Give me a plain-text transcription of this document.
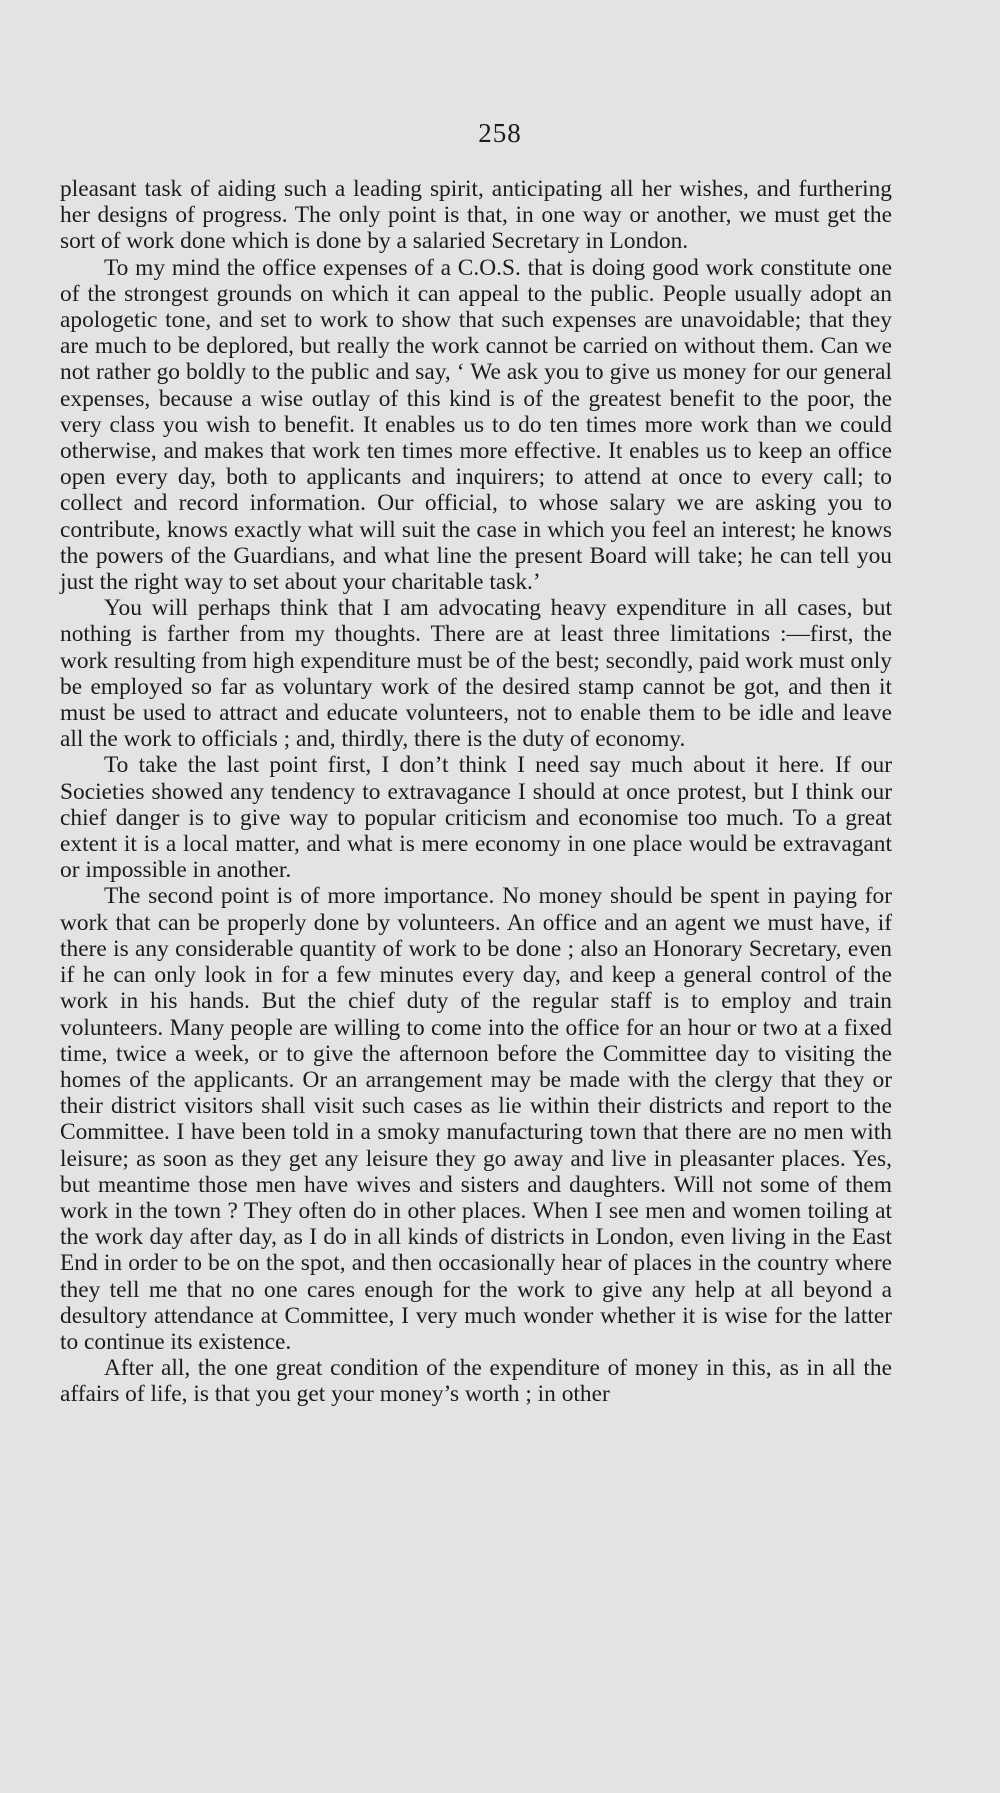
258

pleasant task of aiding such a leading spirit, anticipating all her wishes, and furthering her designs of progress. The only point is that, in one way or another, we must get the sort of work done which is done by a salaried Secretary in London.

To my mind the office expenses of a C.O.S. that is doing good work constitute one of the strongest grounds on which it can appeal to the public. People usually adopt an apologetic tone, and set to work to show that such expenses are unavoidable; that they are much to be deplored, but really the work cannot be carried on without them. Can we not rather go boldly to the public and say, ‘ We ask you to give us money for our general expenses, because a wise outlay of this kind is of the greatest benefit to the poor, the very class you wish to benefit. It enables us to do ten times more work than we could otherwise, and makes that work ten times more effective. It enables us to keep an office open every day, both to applicants and inquirers; to attend at once to every call; to collect and record information. Our official, to whose salary we are asking you to contribute, knows exactly what will suit the case in which you feel an interest; he knows the powers of the Guardians, and what line the present Board will take; he can tell you just the right way to set about your charitable task.’

You will perhaps think that I am advocating heavy expenditure in all cases, but nothing is farther from my thoughts. There are at least three limitations :—first, the work resulting from high expenditure must be of the best; secondly, paid work must only be employed so far as voluntary work of the desired stamp cannot be got, and then it must be used to attract and educate volunteers, not to enable them to be idle and leave all the work to officials ; and, thirdly, there is the duty of economy.

To take the last point first, I don’t think I need say much about it here. If our Societies showed any tendency to extravagance I should at once protest, but I think our chief danger is to give way to popular criticism and economise too much. To a great extent it is a local matter, and what is mere economy in one place would be extravagant or impossible in another.

The second point is of more importance. No money should be spent in paying for work that can be properly done by volunteers. An office and an agent we must have, if there is any considerable quantity of work to be done ; also an Honorary Secretary, even if he can only look in for a few minutes every day, and keep a general control of the work in his hands. But the chief duty of the regular staff is to employ and train volunteers. Many people are willing to come into the office for an hour or two at a fixed time, twice a week, or to give the afternoon before the Committee day to visiting the homes of the applicants. Or an arrangement may be made with the clergy that they or their district visitors shall visit such cases as lie within their districts and report to the Committee. I have been told in a smoky manufacturing town that there are no men with leisure; as soon as they get any leisure they go away and live in pleasanter places. Yes, but meantime those men have wives and sisters and daughters. Will not some of them work in the town ? They often do in other places. When I see men and women toiling at the work day after day, as I do in all kinds of districts in London, even living in the East End in order to be on the spot, and then occasionally hear of places in the country where they tell me that no one cares enough for the work to give any help at all beyond a desultory attendance at Committee, I very much wonder whether it is wise for the latter to continue its existence.

After all, the one great condition of the expenditure of money in this, as in all the affairs of life, is that you get your money’s worth ; in other
